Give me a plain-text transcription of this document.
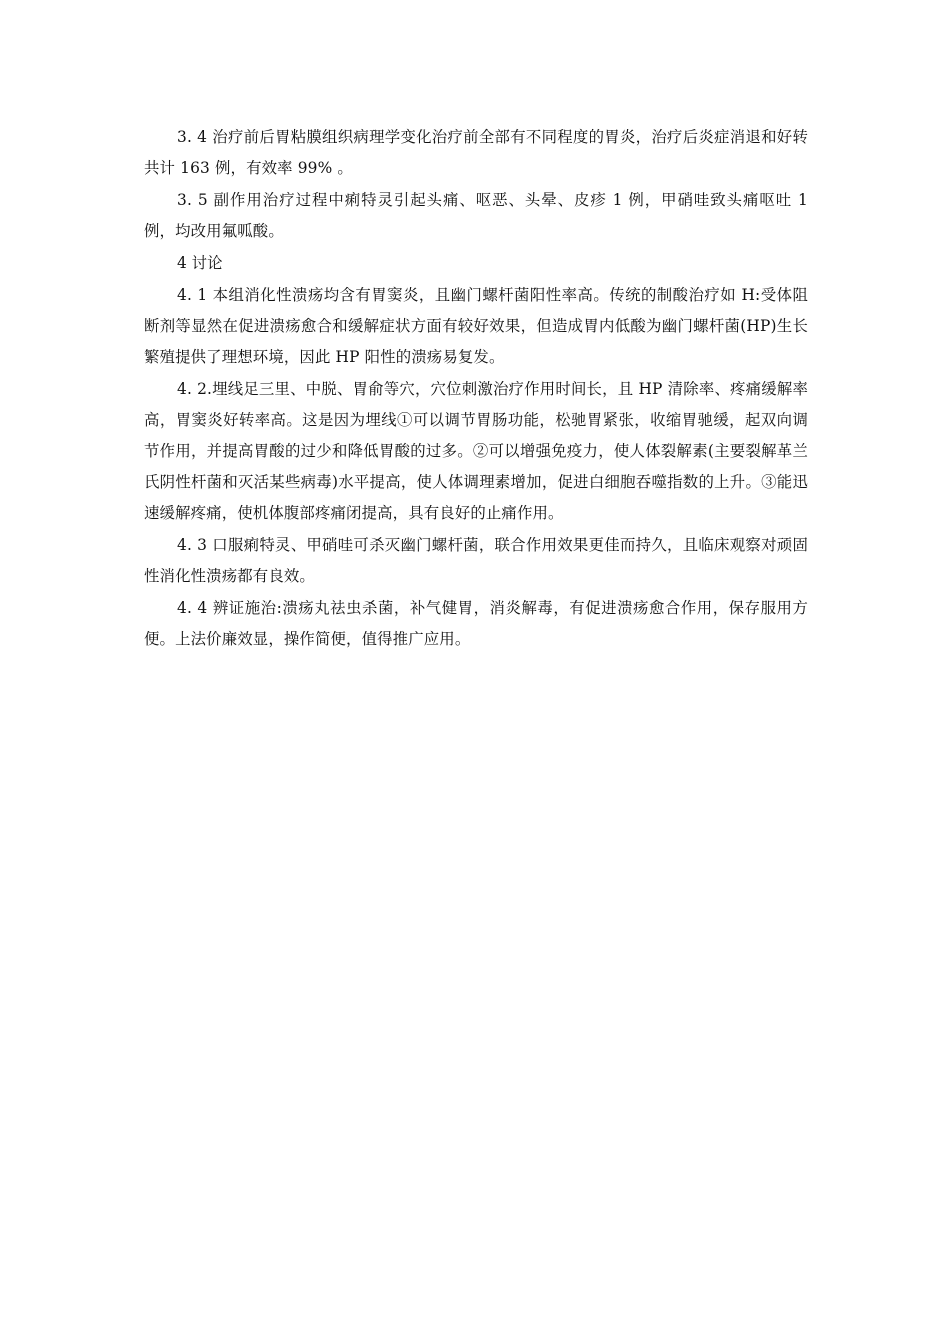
3. 4 治疗前后胃粘膜组织病理学变化治疗前全部有不同程度的胃炎，治疗后炎症消退和好转共计 163 例，有效率 99% 。

3. 5 副作用治疗过程中痢特灵引起头痛、呕恶、头晕、皮疹 1 例，甲硝哇致头痛呕吐 1 例，均改用氟呱酸。

4 讨论

4. 1 本组消化性溃疡均含有胃窦炎，且幽门螺杆菌阳性率高。传统的制酸治疗如 H:受体阻断剂等显然在促进溃疡愈合和缓解症状方面有较好效果，但造成胃内低酸为幽门螺杆菌(HP)生长繁殖提供了理想环境，因此 HP 阳性的溃疡易复发。

4. 2.埋线足三里、中脱、胃俞等穴，穴位刺激治疗作用时间长，且 HP 清除率、疼痛缓解率高，胃窦炎好转率高。这是因为埋线①可以调节胃肠功能，松驰胃紧张，收缩胃驰缓，起双向调节作用，并提高胃酸的过少和降低胃酸的过多。②可以增强免疫力，使人体裂解素(主要裂解革兰氏阴性杆菌和灭活某些病毒)水平提高，使人体调理素增加，促进白细胞吞噬指数的上升。③能迅速缓解疼痛，使机体腹部疼痛闭提高，具有良好的止痛作用。

4. 3 口服痢特灵、甲硝哇可杀灭幽门螺杆菌，联合作用效果更佳而持久，且临床观察对顽固性消化性溃疡都有良效。

4. 4 辨证施治:溃疡丸祛虫杀菌，补气健胃，消炎解毒，有促进溃疡愈合作用，保存服用方便。上法价廉效显，操作简便，值得推广应用。
